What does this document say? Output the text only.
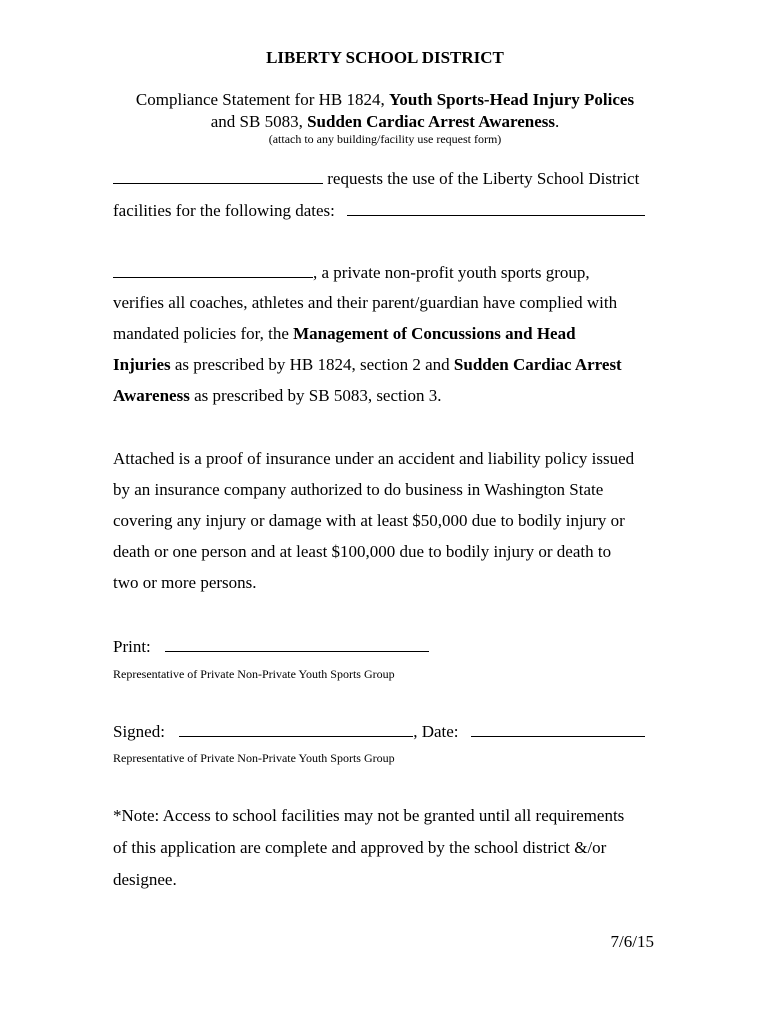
LIBERTY SCHOOL DISTRICT
Compliance Statement for HB 1824, Youth Sports-Head Injury Polices
and SB 5083, Sudden Cardiac Arrest Awareness.
(attach to any building/facility use request form)
requests the use of the Liberty School District
facilities for the following dates:
, a private non-profit youth sports group,
verifies all coaches, athletes and their parent/guardian have complied with
mandated policies for, the Management of Concussions and Head
Injuries as prescribed by HB 1824, section 2 and Sudden Cardiac Arrest
Awareness as prescribed by SB 5083, section 3.
Attached is a proof of insurance under an accident and liability policy issued
by an insurance company authorized to do business in Washington State
covering any injury or damage with at least $50,000 due to bodily injury or
death or one person and at least $100,000 due to bodily injury or death to
two or more persons.
Print:
Representative of Private Non-Private Youth Sports Group
Signed:	, Date:
Representative of Private Non-Private Youth Sports Group
*Note: Access to school facilities may not be granted until all requirements
of this application are complete and approved by the school district &/or
designee.
7/6/15
